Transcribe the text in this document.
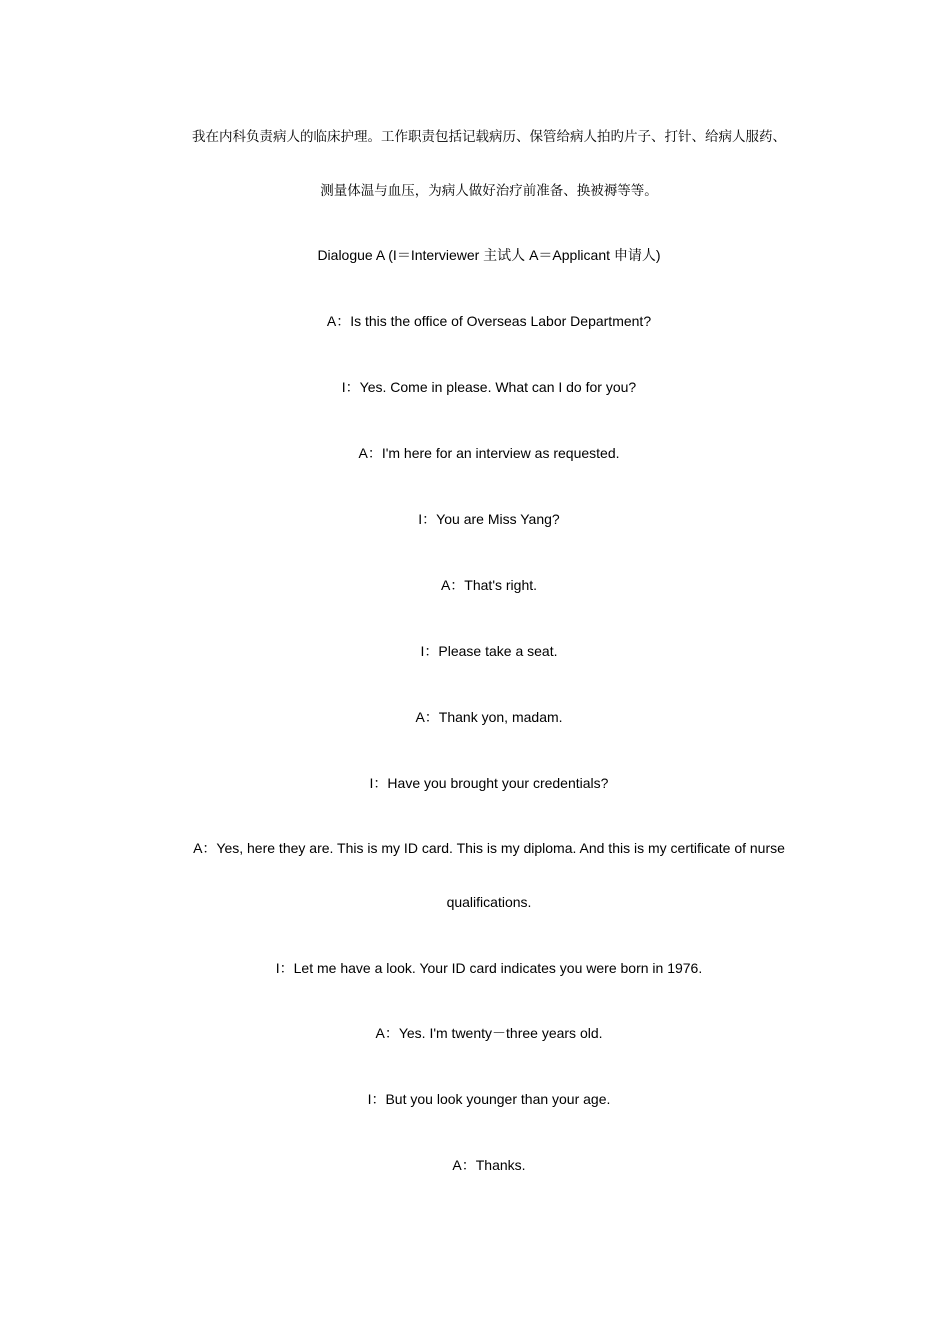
我在内科负责病人的临床护理。工作职责包括记载病历、保管给病人拍旳片子、打针、给病人服药、
测量体温与血压，为病人做好治疗前准备、换被褥等等。
Dialogue A (I＝Interviewer 主试人 A＝Applicant 申请人)
A：Is this the office of Overseas Labor Department?
I：Yes. Come in please. What can I do for you?
A：I'm here for an interview as requested.
I：You are Miss Yang?
A：That's right.
I：Please take a seat.
A：Thank yon, madam.
I：Have you brought your credentials?
A：Yes, here they are. This is my ID card. This is my diploma. And this is my certificate of nurse
qualifications.
I：Let me have a look. Your ID card indicates you were born in 1976.
A：Yes. I'm twenty－three years old.
I：But you look younger than your age.
A：Thanks.
